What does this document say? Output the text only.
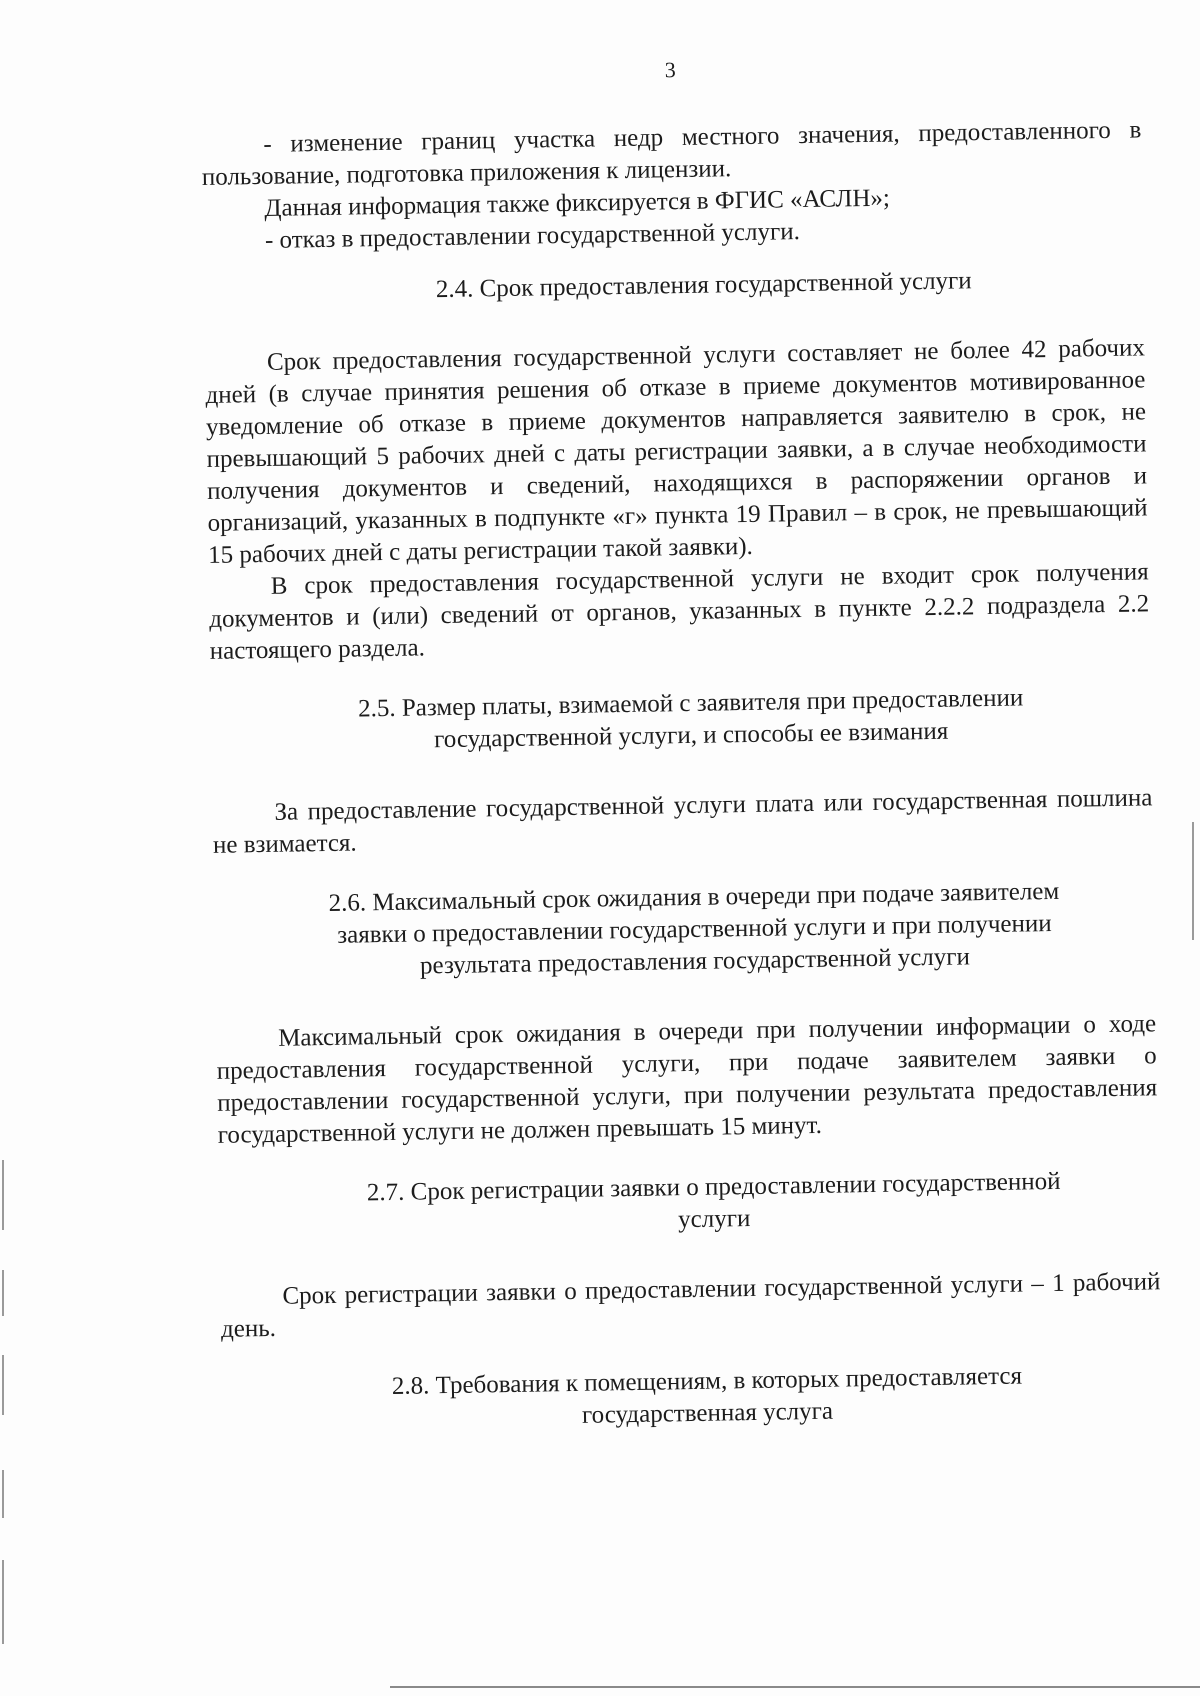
3

- изменение границ участка недр местного значения, предоставленного в пользование, подготовка приложения к лицензии.

Данная информация также фиксируется в ФГИС «АСЛН»;

- отказ в предоставлении государственной услуги.

2.4. Срок предоставления государственной услуги

Срок предоставления государственной услуги составляет не более 42 рабочих дней (в случае принятия решения об отказе в приеме документов мотивированное уведомление об отказе в приеме документов направляется заявителю в срок, не превышающий 5 рабочих дней с даты регистрации заявки, а в случае необходимости получения документов и сведений, находящихся в распоряжении органов и организаций, указанных в подпункте «г» пункта 19 Правил – в срок, не превышающий 15 рабочих дней с даты регистрации такой заявки).

В срок предоставления государственной услуги не входит срок получения документов и (или) сведений от органов, указанных в пункте 2.2.2 подраздела 2.2 настоящего раздела.

2.5. Размер платы, взимаемой с заявителя при предоставлении государственной услуги, и способы ее взимания

За предоставление государственной услуги плата или государственная пошлина не взимается.

2.6. Максимальный срок ожидания в очереди при подаче заявителем заявки о предоставлении государственной услуги и при получении результата предоставления государственной услуги

Максимальный срок ожидания в очереди при получении информации о ходе предоставления государственной услуги, при подаче заявителем заявки о предоставлении государственной услуги, при получении результата предоставления государственной услуги не должен превышать 15 минут.

2.7. Срок регистрации заявки о предоставлении государственной услуги

Срок регистрации заявки о предоставлении государственной услуги – 1 рабочий день.

2.8. Требования к помещениям, в которых предоставляется государственная услуга
